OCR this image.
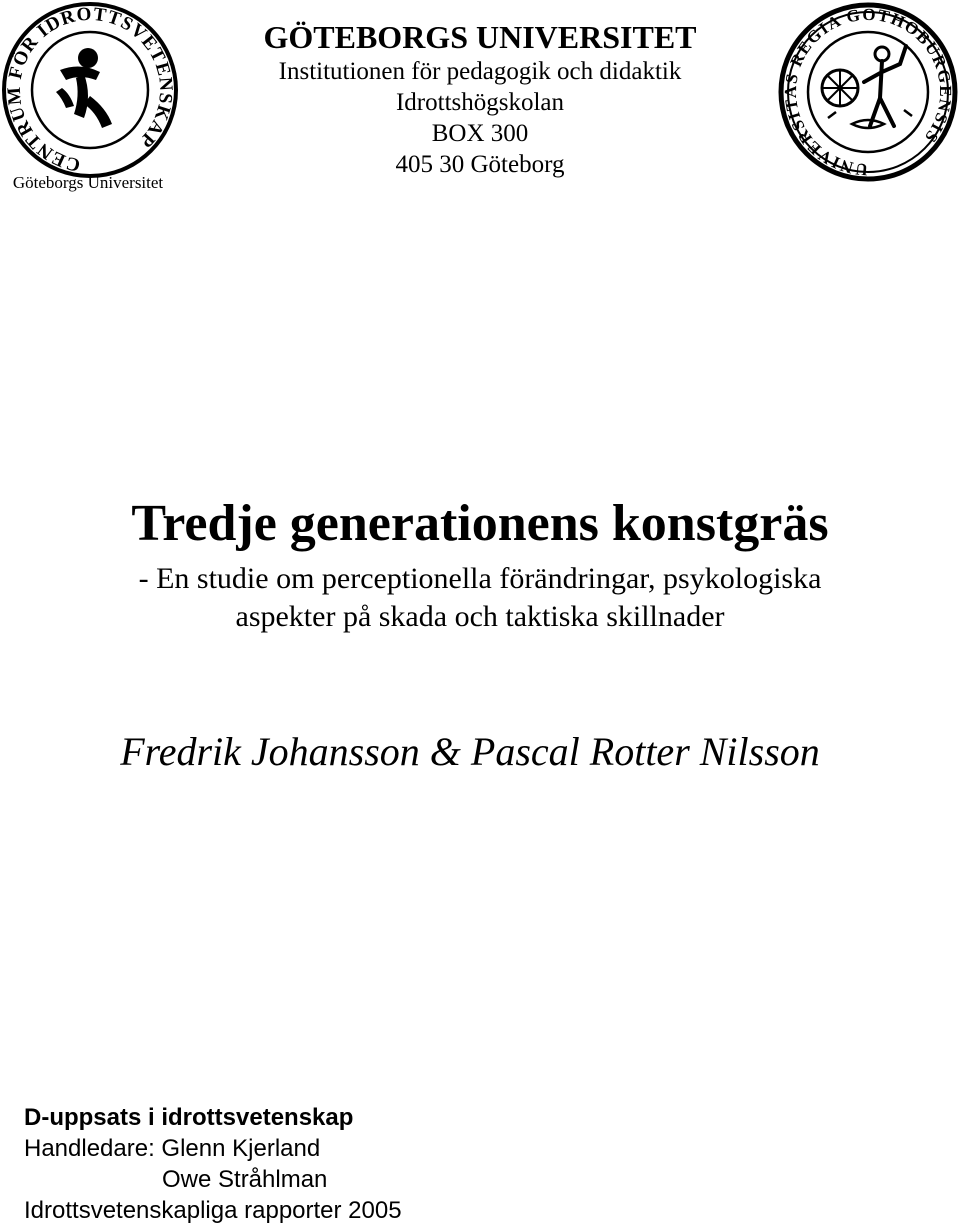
CENTRUM FÖR IDROTTSVETENSKAP
Göteborgs Universitet

GÖTEBORGS UNIVERSITET

Institutionen för pedagogik och didaktik

Idrottshögskolan

BOX 300

405 30 Göteborg	UNIVERSITAS REGIA GOTHOBURGENSIS
Tredje generationens konstgräs

- En studie om perceptionella förändringar, psykologiska

aspekter på skada och taktiska skillnader

Fredrik Johansson & Pascal Rotter Nilsson

D-uppsats i idrottsvetenskap

Handledare: Glenn Kjerland

Owe Stråhlman

Idrottsvetenskapliga rapporter 2005
